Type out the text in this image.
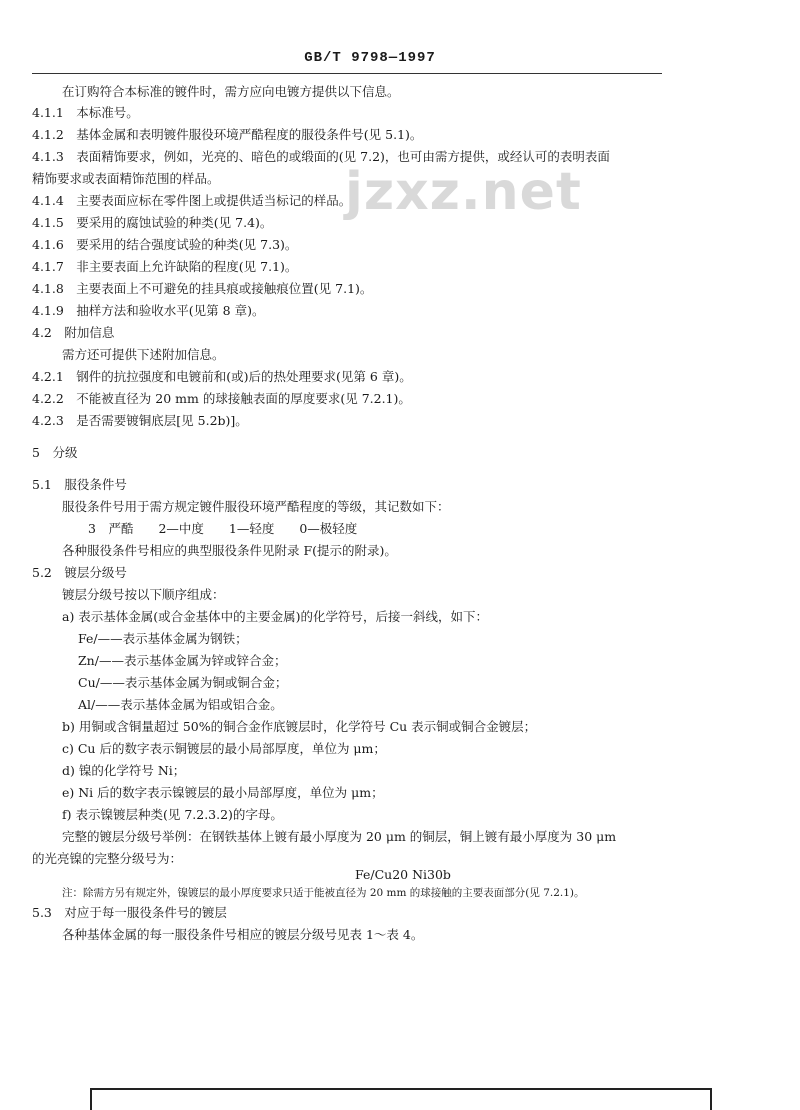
GB/T 9798—1997
jzxz.net
在订购符合本标准的镀件时，需方应向电镀方提供以下信息。
4.1.1　本标准号。
4.1.2　基体金属和表明镀件服役环境严酷程度的服役条件号(见 5.1)。
4.1.3　表面精饰要求，例如，光亮的、暗色的或缎面的(见 7.2)，也可由需方提供，或经认可的表明表面
精饰要求或表面精饰范围的样品。
4.1.4　主要表面应标在零件图上或提供适当标记的样品。
4.1.5　要采用的腐蚀试验的种类(见 7.4)。
4.1.6　要采用的结合强度试验的种类(见 7.3)。
4.1.7　非主要表面上允许缺陷的程度(见 7.1)。
4.1.8　主要表面上不可避免的挂具痕或接触痕位置(见 7.1)。
4.1.9　抽样方法和验收水平(见第 8 章)。
4.2　附加信息
需方还可提供下述附加信息。
4.2.1　钢件的抗拉强度和电镀前和(或)后的热处理要求(见第 6 章)。
4.2.2　不能被直径为 20 mm 的球接触表面的厚度要求(见 7.2.1)。
4.2.3　是否需要镀铜底层[见 5.2b)]。
5　分级
5.1　服役条件号
服役条件号用于需方规定镀件服役环境严酷程度的等级，其记数如下：
3　严酷　　2—中度　　1—轻度　　0—极轻度
各种服役条件号相应的典型服役条件见附录 F(提示的附录)。
5.2　镀层分级号
镀层分级号按以下顺序组成：
a) 表示基体金属(或合金基体中的主要金属)的化学符号，后接一斜线，如下：
Fe/——表示基体金属为钢铁；
Zn/——表示基体金属为锌或锌合金；
Cu/——表示基体金属为铜或铜合金；
Al/——表示基体金属为铝或铝合金。
b) 用铜或含铜量超过 50%的铜合金作底镀层时，化学符号 Cu 表示铜或铜合金镀层；
c) Cu 后的数字表示铜镀层的最小局部厚度，单位为 μm；
d) 镍的化学符号 Ni；
e) Ni 后的数字表示镍镀层的最小局部厚度，单位为 μm；
f) 表示镍镀层种类(见 7.2.3.2)的字母。
完整的镀层分级号举例：在钢铁基体上镀有最小厚度为 20 μm 的铜层，铜上镀有最小厚度为 30 μm
的光亮镍的完整分级号为：
Fe/Cu20 Ni30b
注：除需方另有规定外，镍镀层的最小厚度要求只适于能被直径为 20 mm 的球接触的主要表面部分(见 7.2.1)。
5.3　对应于每一服役条件号的镀层
各种基体金属的每一服役条件号相应的镀层分级号见表 1～表 4。
